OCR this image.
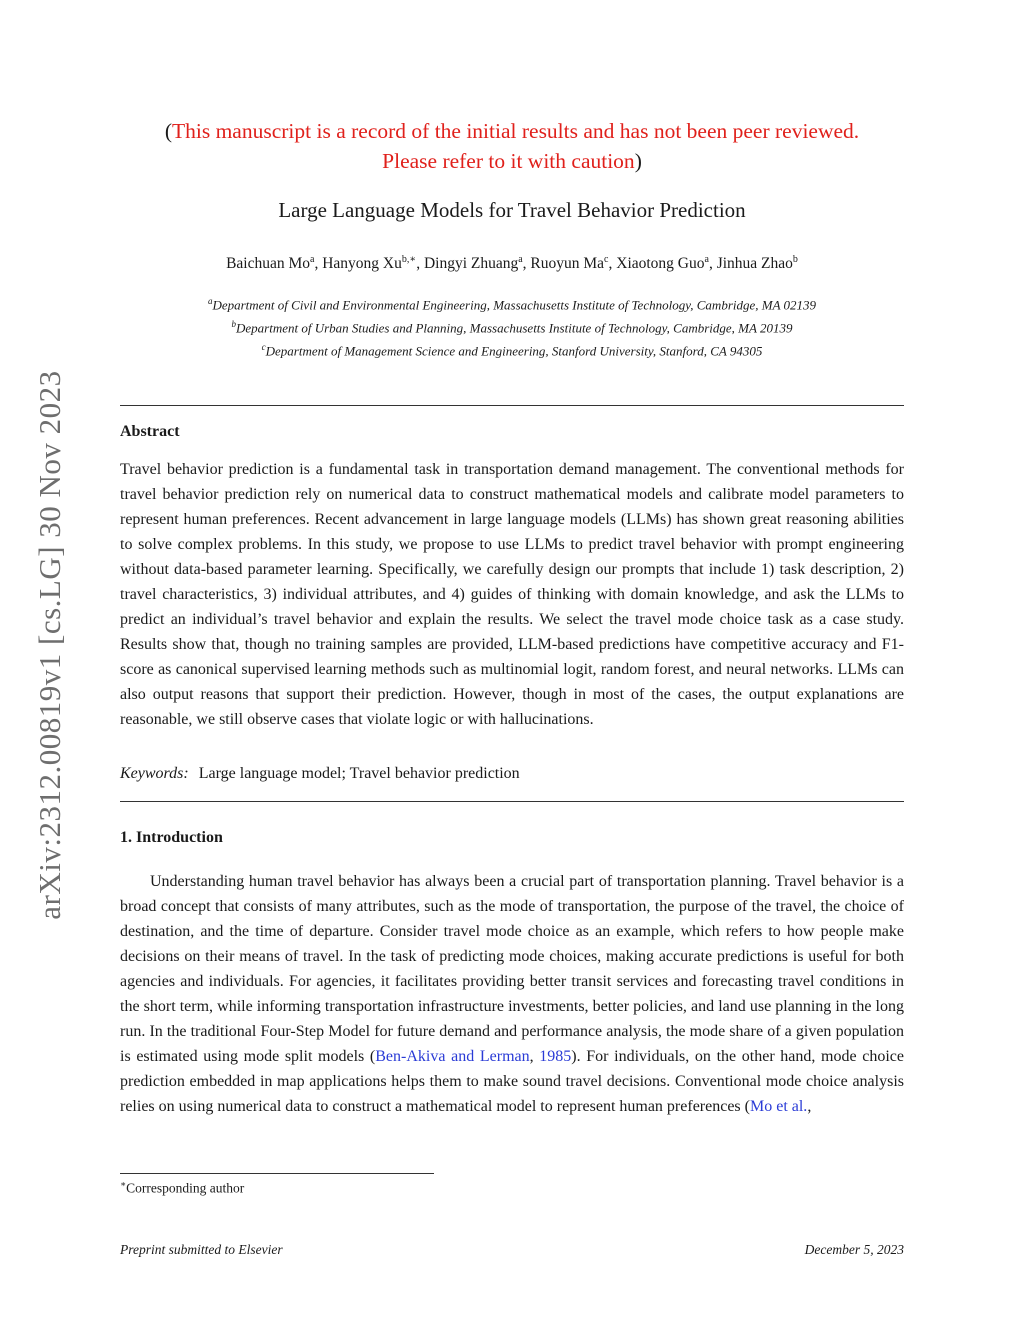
arXiv:2312.00819v1 [cs.LG] 30 Nov 2023
(This manuscript is a record of the initial results and has not been peer reviewed.
Please refer to it with caution)
Large Language Models for Travel Behavior Prediction
Baichuan Mo$^a$, Hanyong $Xu^{b,∗}$, Dingyi Zhuang$^a$, Ruoyun Ma$^c$, Xiaotong Guo$^a$, Jinhua Zhao$^b$
$^a$Department of Civil and Environmental Engineering, Massachusetts Institute of Technology, Cambridge, MA 02139
$^b$Department of Urban Studies and Planning, Massachusetts Institute of Technology, Cambridge, MA 20139
$^c$Department of Management Science and Engineering, Stanford University, Stanford, CA 94305
Abstract
Travel behavior prediction is a fundamental task in transportation demand management. The conventional methods for travel behavior prediction rely on numerical data to construct mathematical models and calibrate model parameters to represent human preferences. Recent advancement in large language models (LLMs) has shown great reasoning abilities to solve complex problems. In this study, we propose to use LLMs to predict travel behavior with prompt engineering without data-based parameter learning. Specifically, we carefully design our prompts that include 1) task description, 2) travel characteristics, 3) individual attributes, and 4) guides of thinking with domain knowledge, and ask the LLMs to predict an individual’s travel behavior and explain the results. We select the travel mode choice task as a case study. Results show that, though no training samples are provided, LLM-based predictions have competitive accuracy and F1-score as canonical supervised learning methods such as multinomial logit, random forest, and neural networks. LLMs can also output reasons that support their prediction. However, though in most of the cases, the output explanations are reasonable, we still observe cases that violate logic or with hallucinations.
Keywords: Large language model; Travel behavior prediction
1. Introduction
Understanding human travel behavior has always been a crucial part of transportation planning. Travel behavior is a broad concept that consists of many attributes, such as the mode of transportation, the purpose of the travel, the choice of destination, and the time of departure. Consider travel mode choice as an example, which refers to how people make decisions on their means of travel. In the task of predicting mode choices, making accurate predictions is useful for both agencies and individuals. For agencies, it facilitates providing better transit services and forecasting travel conditions in the short term, while informing transportation infrastructure investments, better policies, and land use planning in the long run. In the traditional Four-Step Model for future demand and performance analysis, the mode share of a given population is estimated using mode split models (Ben-Akiva and Lerman, 1985). For individuals, on the other hand, mode choice prediction embedded in map applications helps them to make sound travel decisions. Conventional mode choice analysis relies on using numerical data to construct a mathematical model to represent human preferences (Mo et al.,
∗Corresponding author
Preprint submitted to Elsevier	December 5, 2023
